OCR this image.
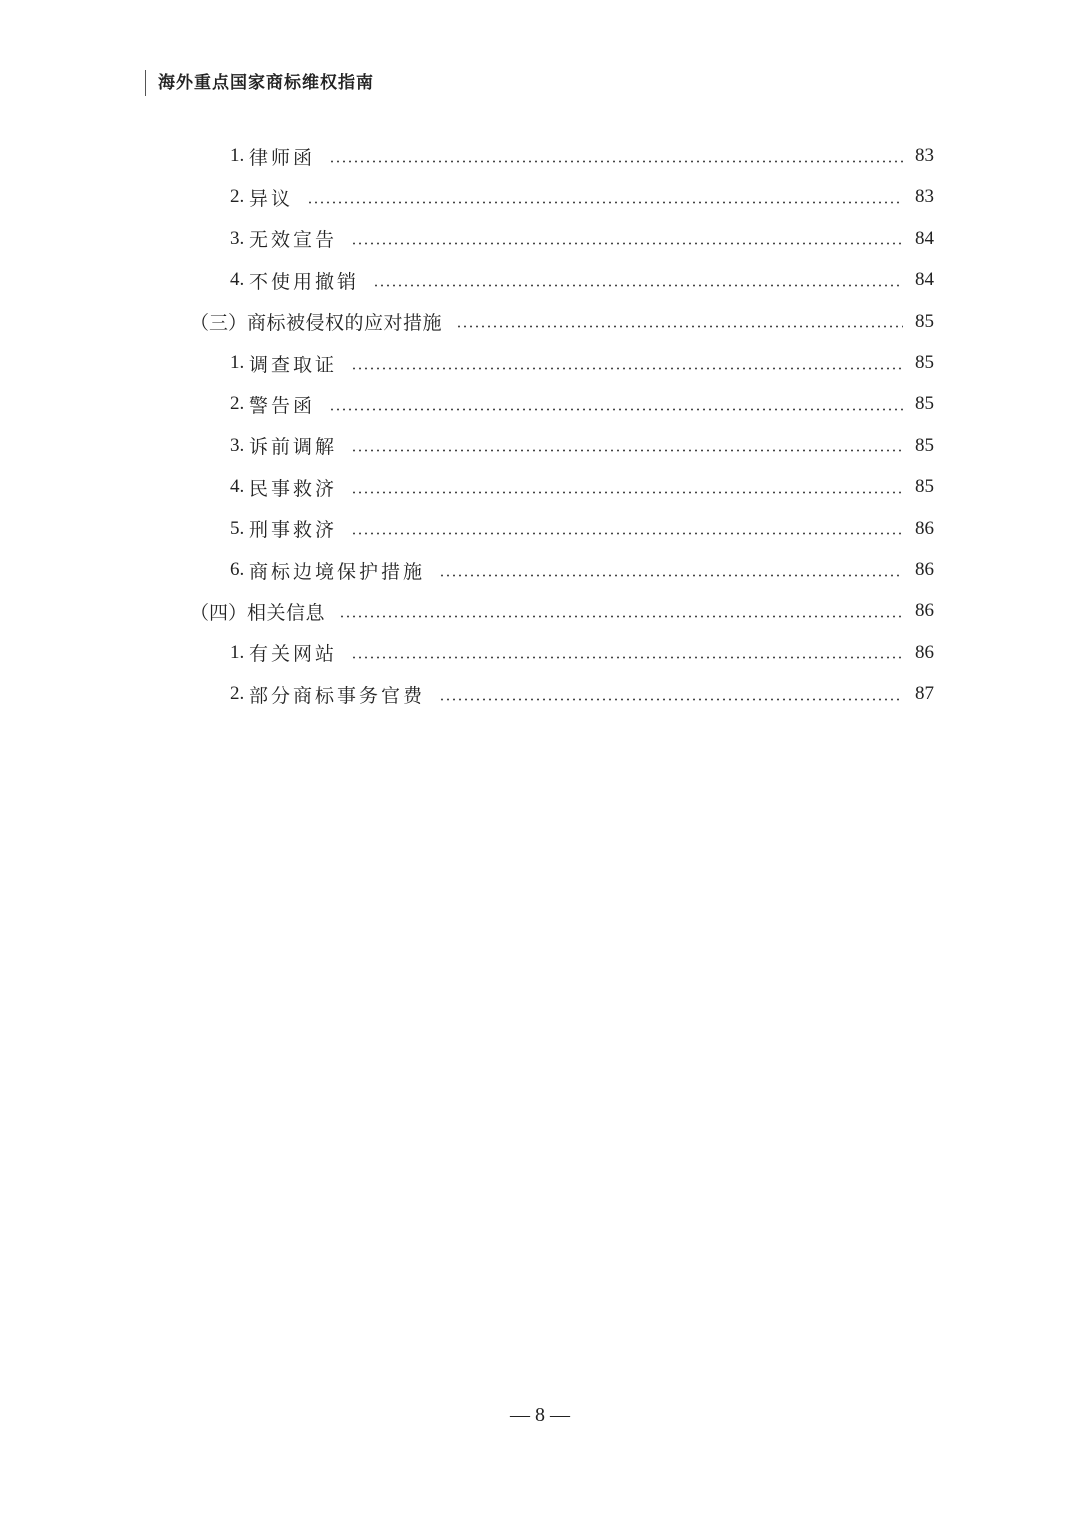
海外重点国家商标维权指南
1. 律师函	83
2. 异议	83
3. 无效宣告	84
4. 不使用撤销	84
（三） 商标被侵权的应对措施	85
1. 调查取证	85
2. 警告函	85
3. 诉前调解	85
4. 民事救济	85
5. 刑事救济	86
6. 商标边境保护措施	86
（四） 相关信息	86
1. 有关网站	86
2. 部分商标事务官费	87
— 8 —
